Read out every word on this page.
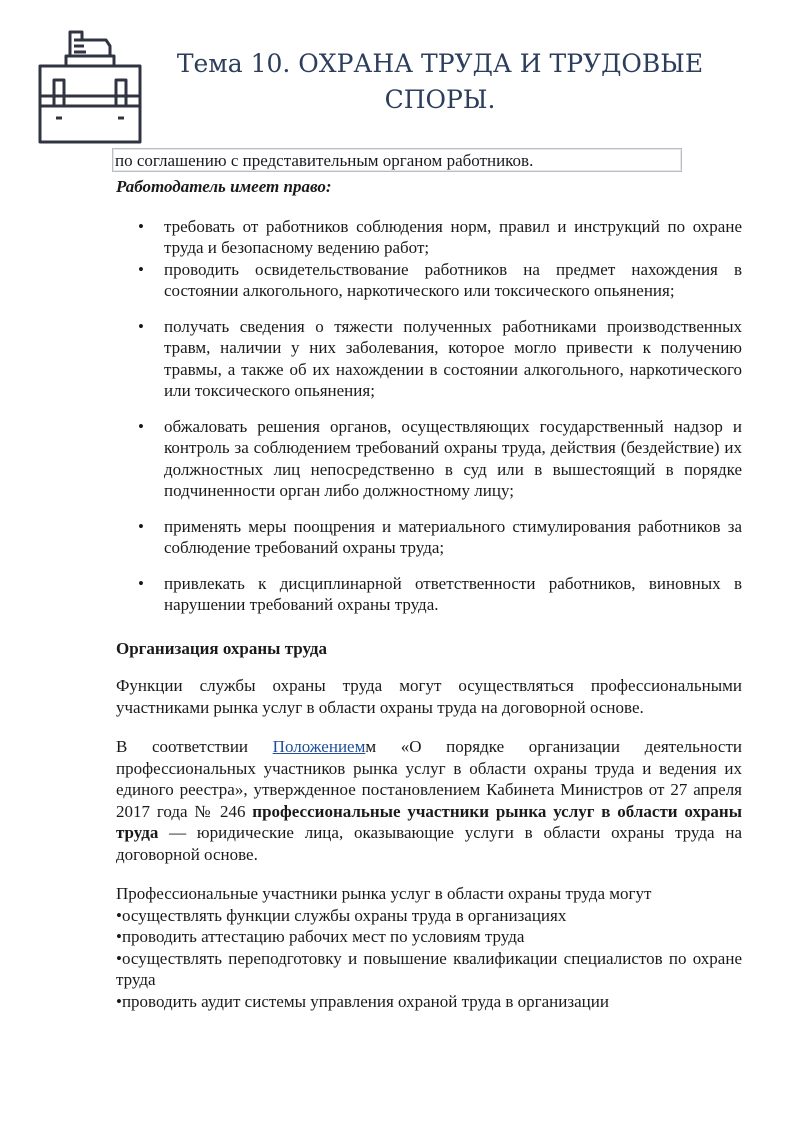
Тема 10. ОХРАНА ТРУДА И ТРУДОВЫЕ
СПОРЫ.
по соглашению с представительным органом работников.

Работодатель имеет право:

• требовать от работников соблюдения норм, правил и инструкций по охране труда и безопасному ведению работ;
• проводить освидетельствование работников на предмет нахождения в состоянии алкогольного, наркотического или токсического опьянения;
• получать сведения о тяжести полученных работниками производственных травм, наличии у них заболевания, которое могло привести к получению травмы, а также об их нахождении в состоянии алкогольного, наркотического или токсического опьянения;
• обжаловать решения органов, осуществляющих государственный надзор и контроль за соблюдением требований охраны труда, действия (бездействие) их должностных лиц непосредственно в суд или в вышестоящий в порядке подчиненности орган либо должностному лицу;
• применять меры поощрения и материального стимулирования работников за соблюдение требований охраны труда;
• привлекать к дисциплинарной ответственности работников, виновных в нарушении требований охраны труда.

Организация охраны труда

Функции службы охраны труда могут осуществляться профессиональными участниками рынка услуг в области охраны труда на договорной основе.

В соответствии Положениемм «О порядке организации деятельности профессиональных участников рынка услуг в области охраны труда и ведения их единого реестра», утвержденное постановлением Кабинета Министров от 27 апреля 2017 года № 246 профессиональные участники рынка услуг в области охраны труда — юридические лица, оказывающие услуги в области охраны труда на договорной основе.

Профессиональные участники рынка услуг в области охраны труда могут
•осуществлять функции службы охраны труда в организациях
•проводить аттестацию рабочих мест по условиям труда
•осуществлять переподготовку и повышение квалификации специалистов по охране труда
•проводить аудит системы управления охраной труда в организации
